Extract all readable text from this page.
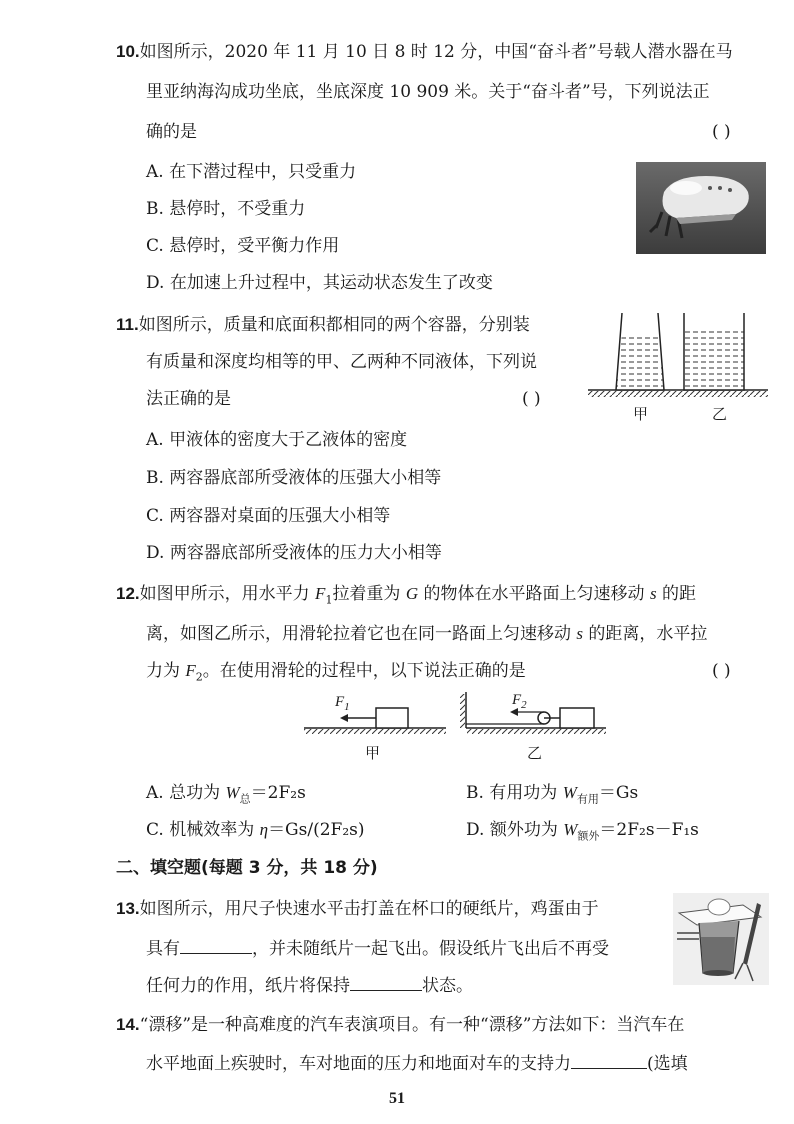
10.如图所示，2020 年 11 月 10 日 8 时 12 分，中国“奋斗者”号载人潜水器在马
里亚纳海沟成功坐底，坐底深度 10 909 米。关于“奋斗者”号，下列说法正
确的是	( )
A. 在下潜过程中，只受重力
B. 悬停时，不受重力
C. 悬停时，受平衡力作用
D. 在加速上升过程中，其运动状态发生了改变
11.如图所示，质量和底面积都相同的两个容器，分别装
有质量和深度均相等的甲、乙两种不同液体，下列说
法正确的是	( )
A. 甲液体的密度大于乙液体的密度
B. 两容器底部所受液体的压强大小相等
C. 两容器对桌面的压强大小相等
D. 两容器底部所受液体的压力大小相等
甲	乙
12.如图甲所示，用水平力 $F_1$拉着重为 G 的物体在水平路面上匀速移动 s 的距
离，如图乙所示，用滑轮拉着它也在同一路面上匀速移动 s 的距离，水平拉
力为 $F_2$。在使用滑轮的过程中，以下说法正确的是	( )
$F_1$
甲
$F_2$
乙
A. 总功为 $W_总=2F_2s$	B. 有用功为 $W_{有用}=Gs$
C. 机械效率为 η＝Gs/(2F₂s)	D. 额外功为 $W_{额外}=2F_2s-F_1s$
二、填空题(每题 3 分，共 18 分)
13.如图所示，用尺子快速水平击打盖在杯口的硬纸片，鸡蛋由于
具有	，并未随纸片一起飞出。假设纸片飞出后不再受
任何力的作用，纸片将保持	状态。
14.“漂移”是一种高难度的汽车表演项目。有一种“漂移”方法如下：当汽车在
水平地面上疾驶时，车对地面的压力和地面对车的支持力	(选填
51
